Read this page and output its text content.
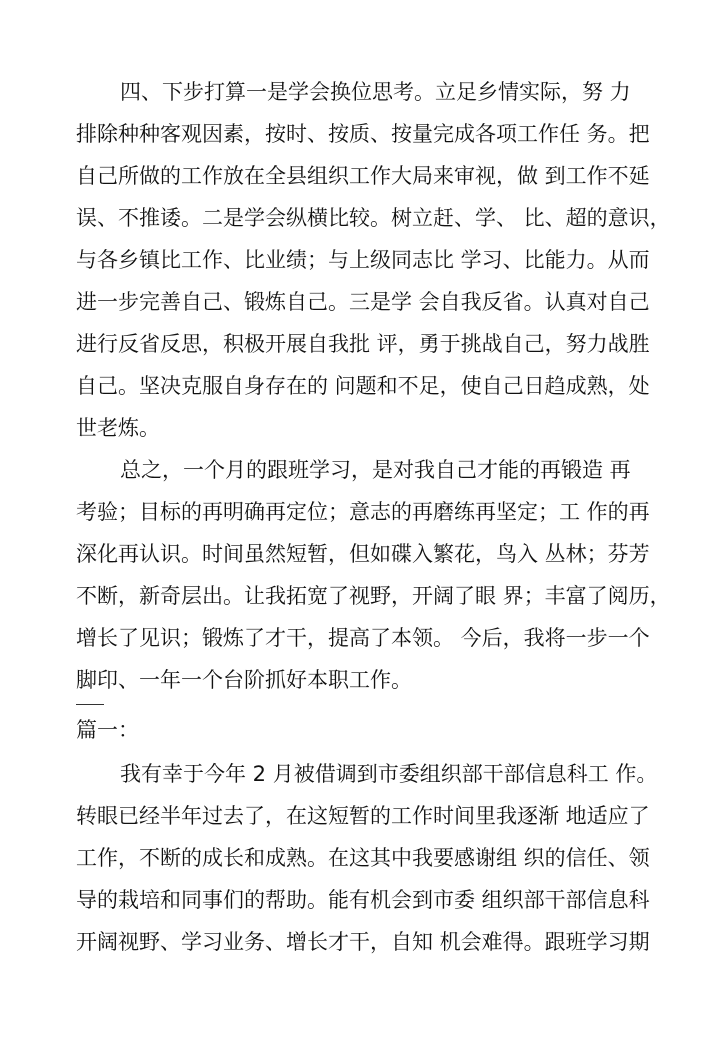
四、下步打算一是学会换位思考。立足乡情实际，努 力
排除种种客观因素，按时、按质、按量完成各项工作任 务。把
自己所做的工作放在全县组织工作大局来审视，做 到工作不延
误、不推诿。二是学会纵横比较。树立赶、学、 比、超的意识，
与各乡镇比工作、比业绩；与上级同志比 学习、比能力。从而
进一步完善自己、锻炼自己。三是学 会自我反省。认真对自己
进行反省反思，积极开展自我批 评，勇于挑战自己，努力战胜
自己。坚决克服自身存在的 问题和不足，使自己日趋成熟，处
世老炼。
总之，一个月的跟班学习，是对我自己才能的再锻造 再
考验；目标的再明确再定位；意志的再磨练再坚定；工 作的再
深化再认识。时间虽然短暂，但如碟入繁花，鸟入 丛林；芬芳
不断，新奇层出。让我拓宽了视野，开阔了眼 界；丰富了阅历，
增长了见识；锻炼了才干，提高了本领。 今后，我将一步一个
脚印、一年一个台阶抓好本职工作。
篇一：
我有幸于今年 2 月被借调到市委组织部干部信息科工 作。
转眼已经半年过去了，在这短暂的工作时间里我逐渐 地适应了
工作，不断的成长和成熟。在这其中我要感谢组 织的信任、领
导的栽培和同事们的帮助。能有机会到市委 组织部干部信息科
开阔视野、学习业务、增长才干，自知 机会难得。跟班学习期
